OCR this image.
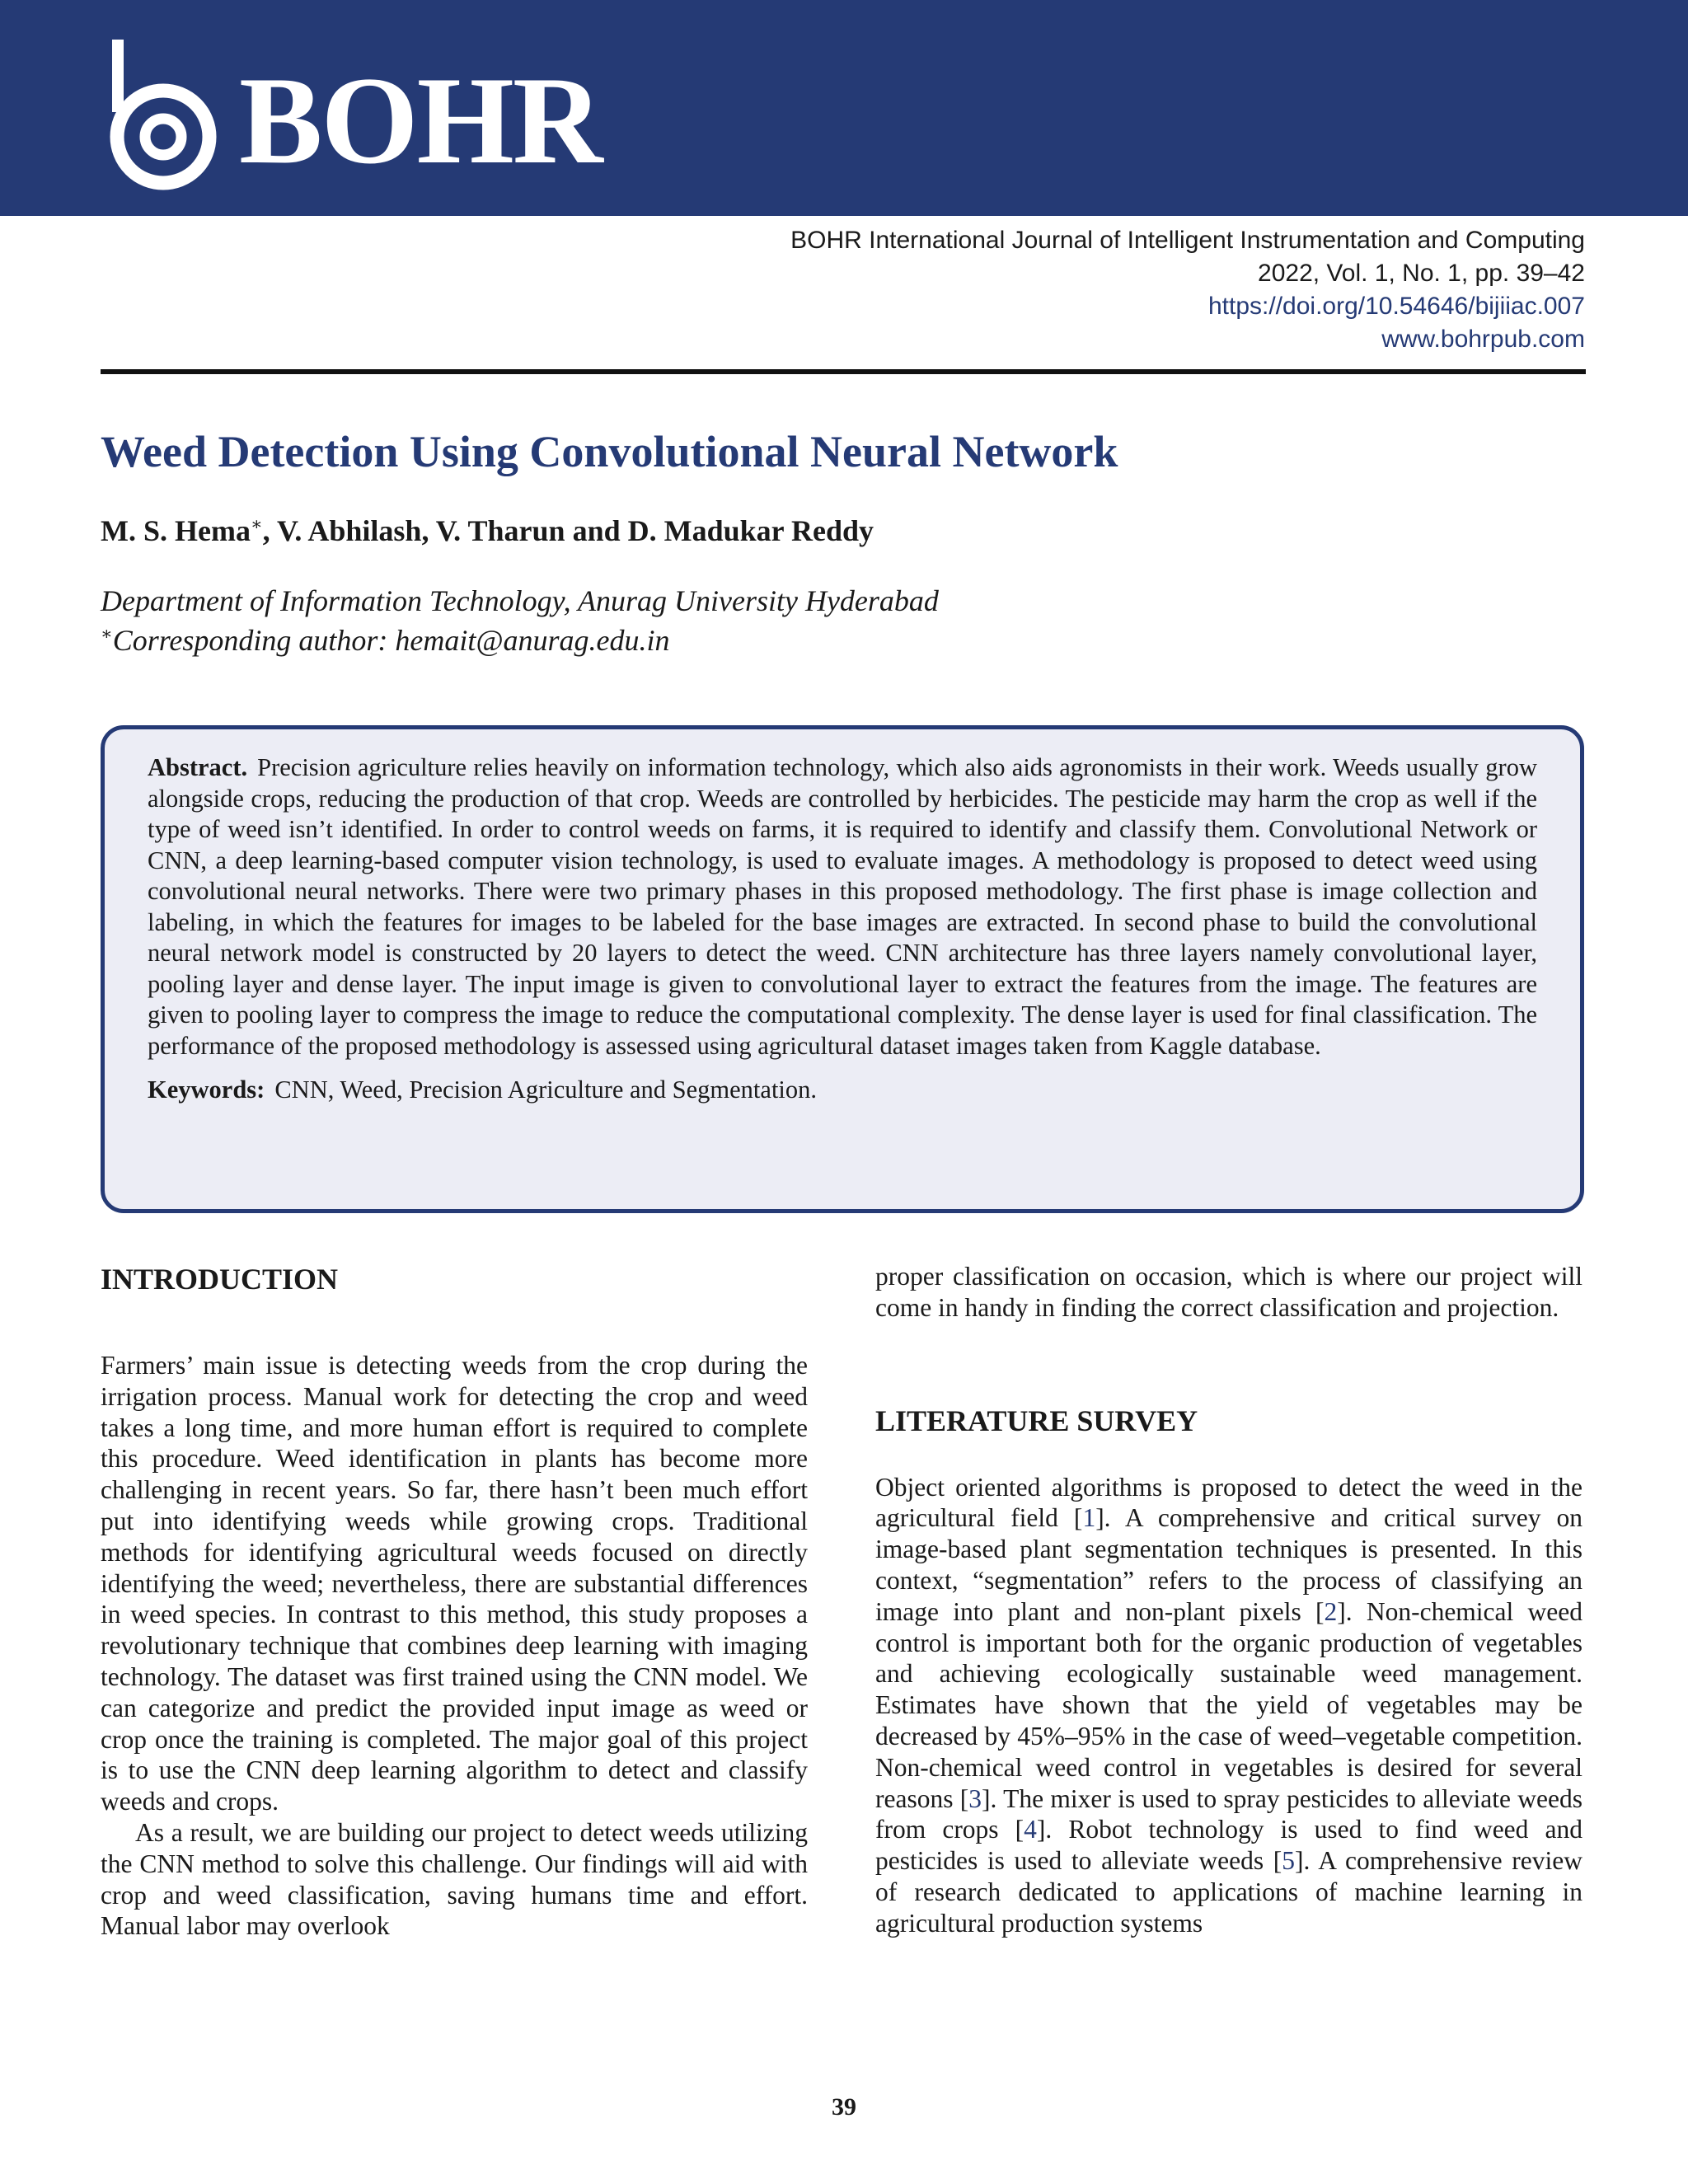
BOHR
BOHR International Journal of Intelligent Instrumentation and Computing
2022, Vol. 1, No. 1, pp. 39–42
https://doi.org/10.54646/bijiiac.007
www.bohrpub.com
Weed Detection Using Convolutional Neural Network

M. S. Hema∗, V. Abhilash, V. Tharun and D. Madukar Reddy

Department of Information Technology, Anurag University Hyderabad
∗Corresponding author: hemait@anurag.edu.in

Abstract. Precision agriculture relies heavily on information technology, which also aids agronomists in their work. Weeds usually grow alongside crops, reducing the production of that crop. Weeds are controlled by herbicides. The pesticide may harm the crop as well if the type of weed isn’t identified. In order to control weeds on farms, it is required to identify and classify them. Convolutional Network or CNN, a deep learning-based computer vision technology, is used to evaluate images. A methodology is proposed to detect weed using convolutional neural networks. There were two primary phases in this proposed methodology. The first phase is image collection and labeling, in which the features for images to be labeled for the base images are extracted. In second phase to build the convolutional neural network model is constructed by 20 layers to detect the weed. CNN architecture has three layers namely convolutional layer, pooling layer and dense layer. The input image is given to convolutional layer to extract the features from the image. The features are given to pooling layer to compress the image to reduce the computational complexity. The dense layer is used for final classification. The performance of the proposed methodology is assessed using agricultural dataset images taken from Kaggle database.

Keywords: CNN, Weed, Precision Agriculture and Segmentation.

INTRODUCTION

Farmers’ main issue is detecting weeds from the crop during the irrigation process. Manual work for detecting the crop and weed takes a long time, and more human effort is required to complete this procedure. Weed identification in plants has become more challenging in recent years. So far, there hasn’t been much effort put into identifying weeds while growing crops. Traditional methods for identifying agricultural weeds focused on directly identifying the weed; nevertheless, there are substantial differences in weed species. In contrast to this method, this study proposes a revolutionary technique that combines deep learning with imaging technology. The dataset was first trained using the CNN model. We can categorize and predict the provided input image as weed or crop once the training is completed. The major goal of this project is to use the CNN deep learning algorithm to detect and classify weeds and crops.

As a result, we are building our project to detect weeds utilizing the CNN method to solve this challenge. Our findings will aid with crop and weed classification, saving humans time and effort. Manual labor may overlook

proper classification on occasion, which is where our project will come in handy in finding the correct classification and projection.

LITERATURE SURVEY

Object oriented algorithms is proposed to detect the weed in the agricultural field [1]. A comprehensive and critical survey on image-based plant segmentation techniques is presented. In this context, “segmentation” refers to the process of classifying an image into plant and non-plant pixels [2]. Non-chemical weed control is important both for the organic production of vegetables and achieving ecologically sustainable weed management. Estimates have shown that the yield of vegetables may be decreased by 45%–95% in the case of weed–vegetable competition. Non-chemical weed control in vegetables is desired for several reasons [3]. The mixer is used to spray pesticides to alleviate weeds from crops [4]. Robot technology is used to find weed and pesticides is used to alleviate weeds [5]. A comprehensive review of research dedicated to applications of machine learning in agricultural production systems

39
